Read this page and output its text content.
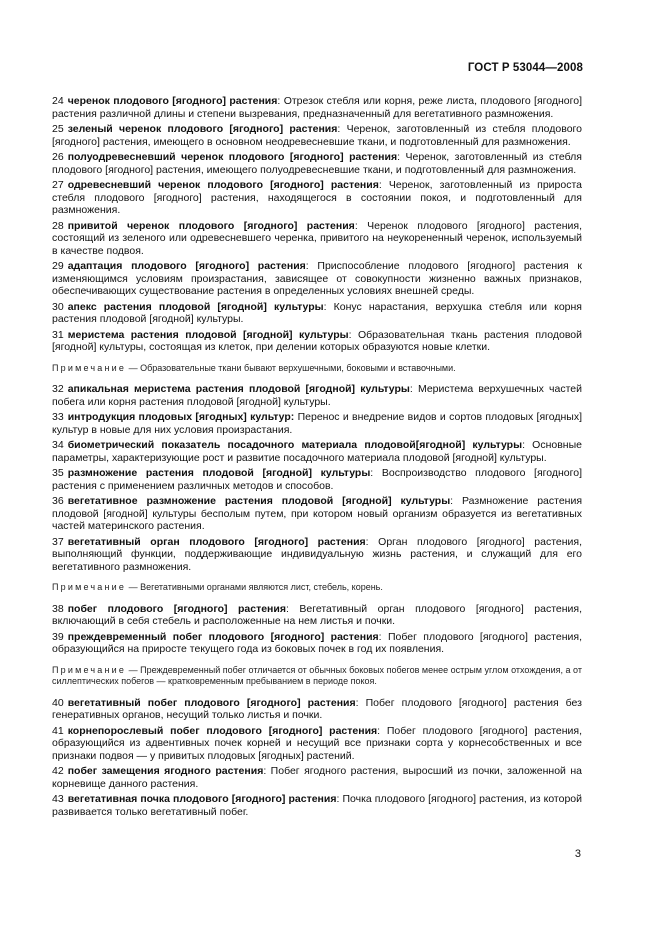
ГОСТ Р 53044—2008

24 черенок плодового [ягодного] растения: Отрезок стебля или корня, реже листа, плодового [ягодного] растения различной длины и степени вызревания, предназначенный для вегетативного размножения.

25 зеленый черенок плодового [ягодного] растения: Черенок, заготовленный из стебля плодового [ягодного] растения, имеющего в основном неодревесневшие ткани, и подготовленный для размножения.

26 полуодревесневший черенок плодового [ягодного] растения: Черенок, заготовленный из стебля плодового [ягодного] растения, имеющего полуодревесневшие ткани, и подготовленный для размножения.

27 одревесневший черенок плодового [ягодного] растения: Черенок, заготовленный из прироста стебля плодового [ягодного] растения, находящегося в состоянии покоя, и подготовленный для размножения.

28 привитой черенок плодового [ягодного] растения: Черенок плодового [ягодного] растения, состоящий из зеленого или одревесневшего черенка, привитого на неукорененный черенок, используемый в качестве подвоя.

29 адаптация плодового [ягодного] растения: Приспособление плодового [ягодного] растения к изменяющимся условиям произрастания, зависящее от совокупности жизненно важных признаков, обеспечивающих существование растения в определенных условиях внешней среды.

30 апекс растения плодовой [ягодной] культуры: Конус нарастания, верхушка стебля или корня растения плодовой [ягодной] культуры.

31 меристема растения плодовой [ягодной] культуры: Образовательная ткань растения плодовой [ягодной] культуры, состоящая из клеток, при делении которых образуются новые клетки.

Примечание — Образовательные ткани бывают верхушечными, боковыми и вставочными.

32 апикальная меристема растения плодовой [ягодной] культуры: Меристема верхушечных частей побега или корня растения плодовой [ягодной] культуры.

33 интродукция плодовых [ягодных] культур: Перенос и внедрение видов и сортов плодовых [ягодных] культур в новые для них условия произрастания.

34 биометрический показатель посадочного материала плодовой[ягодной] культуры: Основные параметры, характеризующие рост и развитие посадочного материала плодовой [ягодной] культуры.

35 размножение растения плодовой [ягодной] культуры: Воспроизводство плодового [ягодного] растения с применением различных методов и способов.

36 вегетативное размножение растения плодовой [ягодной] культуры: Размножение растения плодовой [ягодной] культуры бесполым путем, при котором новый организм образуется из вегетативных частей материнского растения.

37 вегетативный орган плодового [ягодного] растения: Орган плодового [ягодного] растения, выполняющий функции, поддерживающие индивидуальную жизнь растения, и служащий для его вегетативного размножения.

Примечание — Вегетативными органами являются лист, стебель, корень.

38 побег плодового [ягодного] растения: Вегетативный орган плодового [ягодного] растения, включающий в себя стебель и расположенные на нем листья и почки.

39 преждевременный побег плодового [ягодного] растения: Побег плодового [ягодного] растения, образующийся на приросте текущего года из боковых почек в год их появления.

Примечание — Преждевременный побег отличается от обычных боковых побегов менее острым углом отхождения, а от силлептических побегов — кратковременным пребыванием в периоде покоя.

40 вегетативный побег плодового [ягодного] растения: Побег плодового [ягодного] растения без генеративных органов, несущий только листья и почки.

41 корнепорослевый побег плодового [ягодного] растения: Побег плодового [ягодного] растения, образующийся из адвентивных почек корней и несущий все признаки сорта у корнесобственных и все признаки подвоя — у привитых плодовых [ягодных] растений.

42 побег замещения ягодного растения: Побег ягодного растения, выросший из почки, заложенной на корневище данного растения.

43 вегетативная почка плодового [ягодного] растения: Почка плодового [ягодного] растения, из которой развивается только вегетативный побег.

3
